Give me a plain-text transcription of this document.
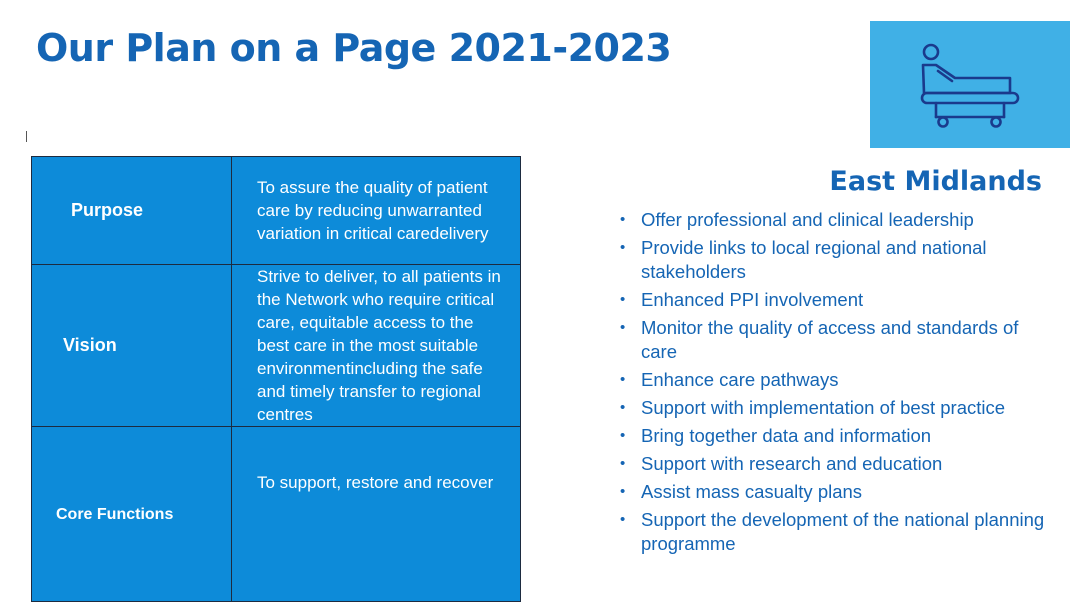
Our Plan on a Page 2021-2023
Purpose	To assure the quality of patient care by reducing unwarranted variation in critical caredelivery
Vision	Strive to deliver, to all patients in the Network who require critical care, equitable access to the best care in the most suitable environmentincluding the safe and timely transfer to regional centres
Core Functions	To support, restore and recover
East Midlands
• Offer professional and clinical leadership
• Provide links to local regional and national stakeholders
• Enhanced PPI involvement
• Monitor the quality of access and standards of care
• Enhance care pathways
• Support with implementation of best practice
• Bring together data and information
• Support with research and education
• Assist mass casualty plans
• Support the development of the national planning programme
